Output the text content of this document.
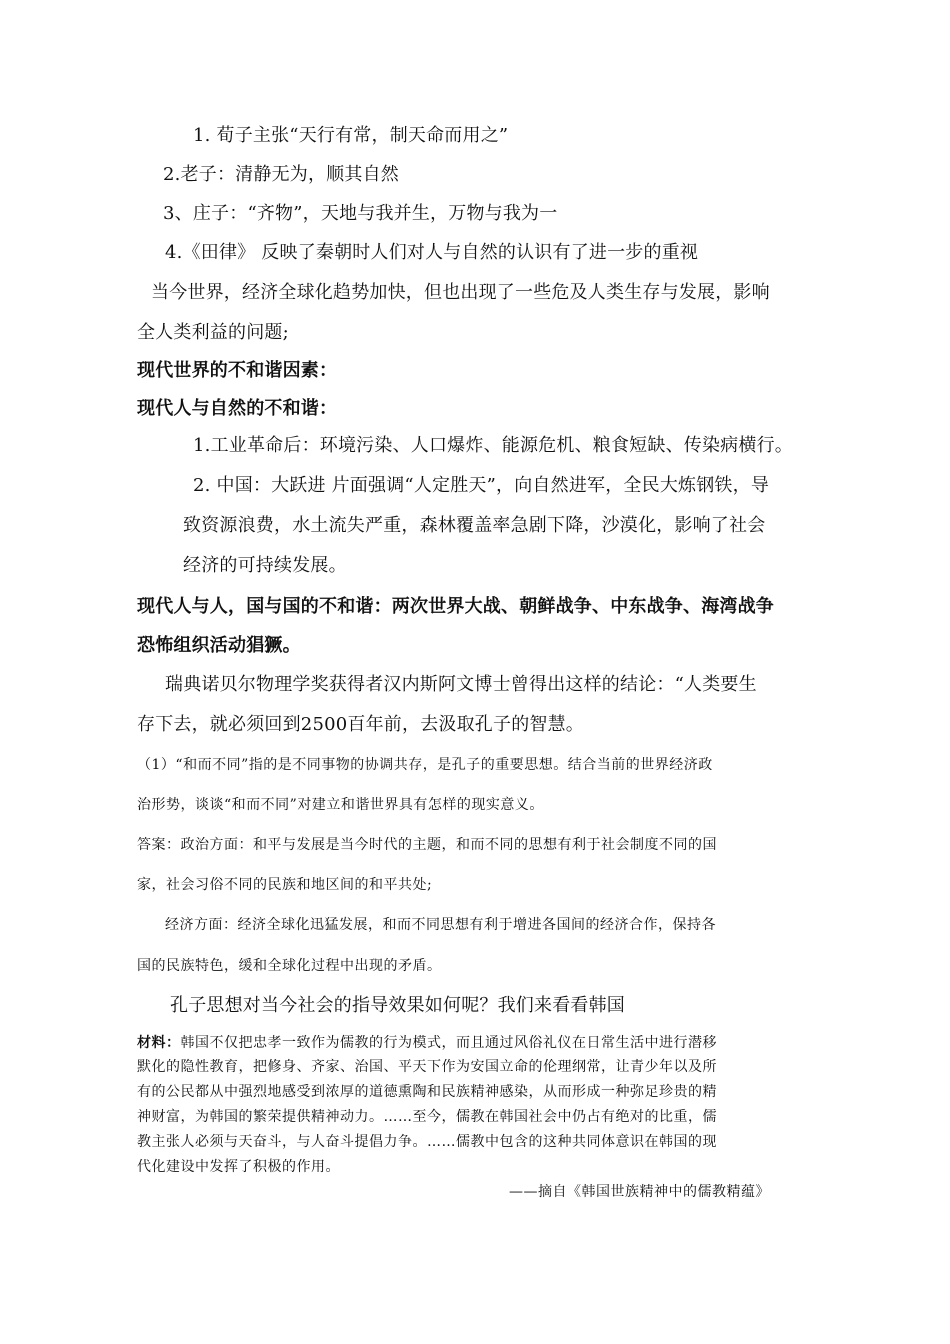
1. 荀子主张“天行有常，制天命而用之”
2.老子：清静无为，顺其自然
3、庄子：“齐物”，天地与我并生，万物与我为一
4.《田律》 反映了秦朝时人们对人与自然的认识有了进一步的重视
当今世界，经济全球化趋势加快，但也出现了一些危及人类生存与发展，影响
全人类利益的问题;
现代世界的不和谐因素：
现代人与自然的不和谐：
1.工业革命后：环境污染、人口爆炸、能源危机、粮食短缺、传染病横行。
2. 中国：大跃进 片面强调“人定胜天”，向自然进军，全民大炼钢铁，导
致资源浪费，水土流失严重，森林覆盖率急剧下降，沙漠化，影响了社会
经济的可持续发展。
现代人与人，国与国的不和谐：两次世界大战、朝鲜战争、中东战争、海湾战争
恐怖组织活动猖獗。
瑞典诺贝尔物理学奖获得者汉内斯阿文博士曾得出这样的结论：“人类要生
存下去，就必须回到2500百年前，去汲取孔子的智慧。
（1）“和而不同”指的是不同事物的协调共存，是孔子的重要思想。结合当前的世界经济政
治形势，谈谈“和而不同”对建立和谐世界具有怎样的现实意义。
答案：政治方面：和平与发展是当今时代的主题，和而不同的思想有利于社会制度不同的国
家，社会习俗不同的民族和地区间的和平共处;
经济方面：经济全球化迅猛发展，和而不同思想有利于增进各国间的经济合作，保持各
国的民族特色，缓和全球化过程中出现的矛盾。
孔子思想对当今社会的指导效果如何呢？我们来看看韩国
材料：韩国不仅把忠孝一致作为儒教的行为模式，而且通过风俗礼仪在日常生活中进行潜移
默化的隐性教育，把修身、齐家、治国、平天下作为安国立命的伦理纲常，让青少年以及所
有的公民都从中强烈地感受到浓厚的道德熏陶和民族精神感染，从而形成一种弥足珍贵的精
神财富，为韩国的繁荣提供精神动力。……至今，儒教在韩国社会中仍占有绝对的比重，儒
教主张人必须与天奋斗，与人奋斗提倡力争。……儒教中包含的这种共同体意识在韩国的现
代化建设中发挥了积极的作用。
——摘自《韩国世族精神中的儒教精蕴》
